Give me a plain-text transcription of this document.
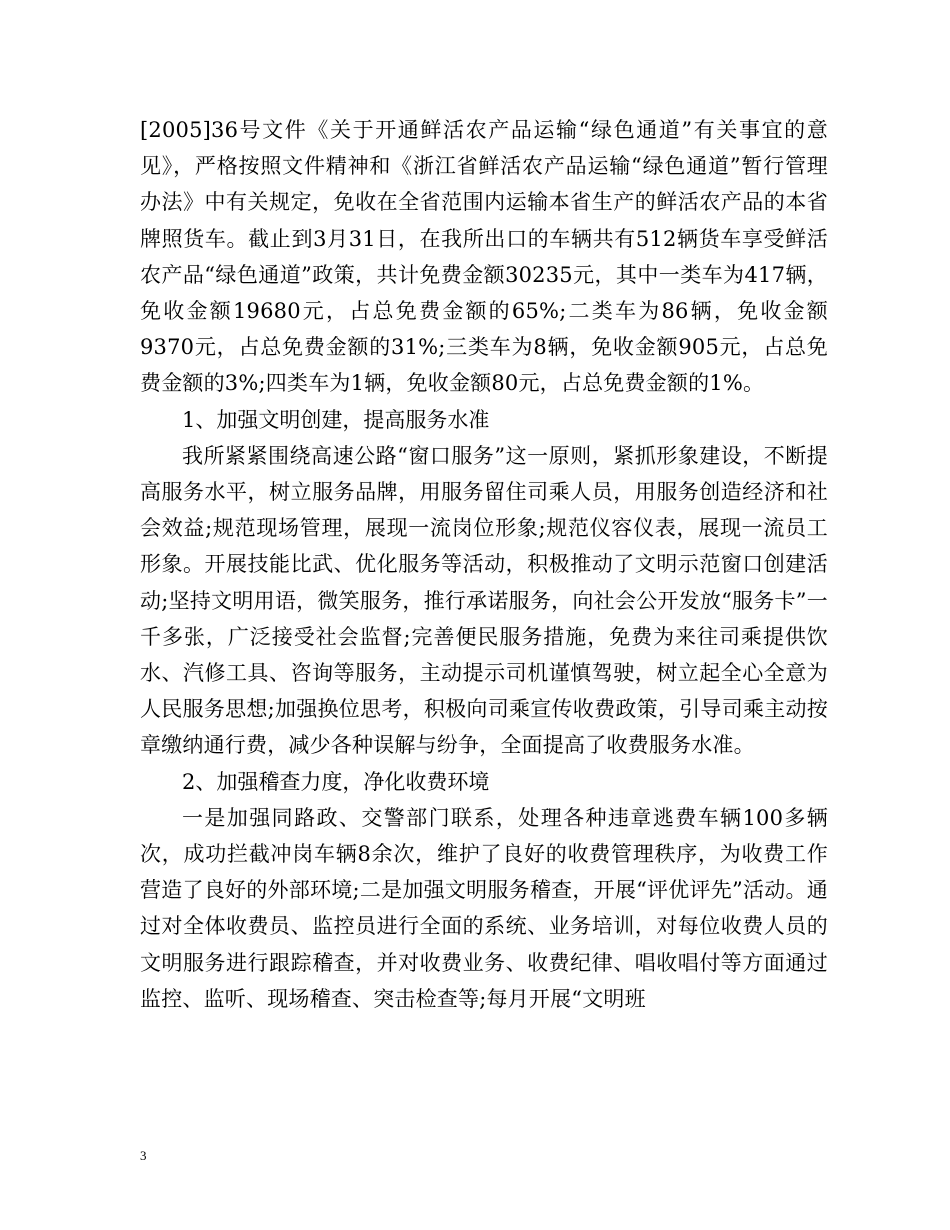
[2005]36号文件《关于开通鲜活农产品运输“绿色通道”有关事宜的意见》，严格按照文件精神和《浙江省鲜活农产品运输“绿色通道”暂行管理办法》中有关规定，免收在全省范围内运输本省生产的鲜活农产品的本省牌照货车。截止到3月31日，在我所出口的车辆共有512辆货车享受鲜活农产品“绿色通道”政策，共计免费金额30235元，其中一类车为417辆，免收金额19680元，占总免费金额的65%;二类车为86辆，免收金额9370元，占总免费金额的31%;三类车为8辆，免收金额905元，占总免费金额的3%;四类车为1辆，免收金额80元，占总免费金额的1%。

1、加强文明创建，提高服务水准

我所紧紧围绕高速公路“窗口服务”这一原则，紧抓形象建设，不断提高服务水平，树立服务品牌，用服务留住司乘人员，用服务创造经济和社会效益;规范现场管理，展现一流岗位形象;规范仪容仪表，展现一流员工形象。开展技能比武、优化服务等活动，积极推动了文明示范窗口创建活动;坚持文明用语，微笑服务，推行承诺服务，向社会公开发放“服务卡”一千多张，广泛接受社会监督;完善便民服务措施，免费为来往司乘提供饮水、汽修工具、咨询等服务，主动提示司机谨慎驾驶，树立起全心全意为人民服务思想;加强换位思考，积极向司乘宣传收费政策，引导司乘主动按章缴纳通行费，减少各种误解与纷争，全面提高了收费服务水准。

2、加强稽查力度，净化收费环境

一是加强同路政、交警部门联系，处理各种违章逃费车辆100多辆次，成功拦截冲岗车辆8余次，维护了良好的收费管理秩序，为收费工作营造了良好的外部环境;二是加强文明服务稽查，开展“评优评先”活动。通过对全体收费员、监控员进行全面的系统、业务培训，对每位收费人员的文明服务进行跟踪稽查，并对收费业务、收费纪律、唱收唱付等方面通过监控、监听、现场稽查、突击检查等;每月开展“文明班

3
